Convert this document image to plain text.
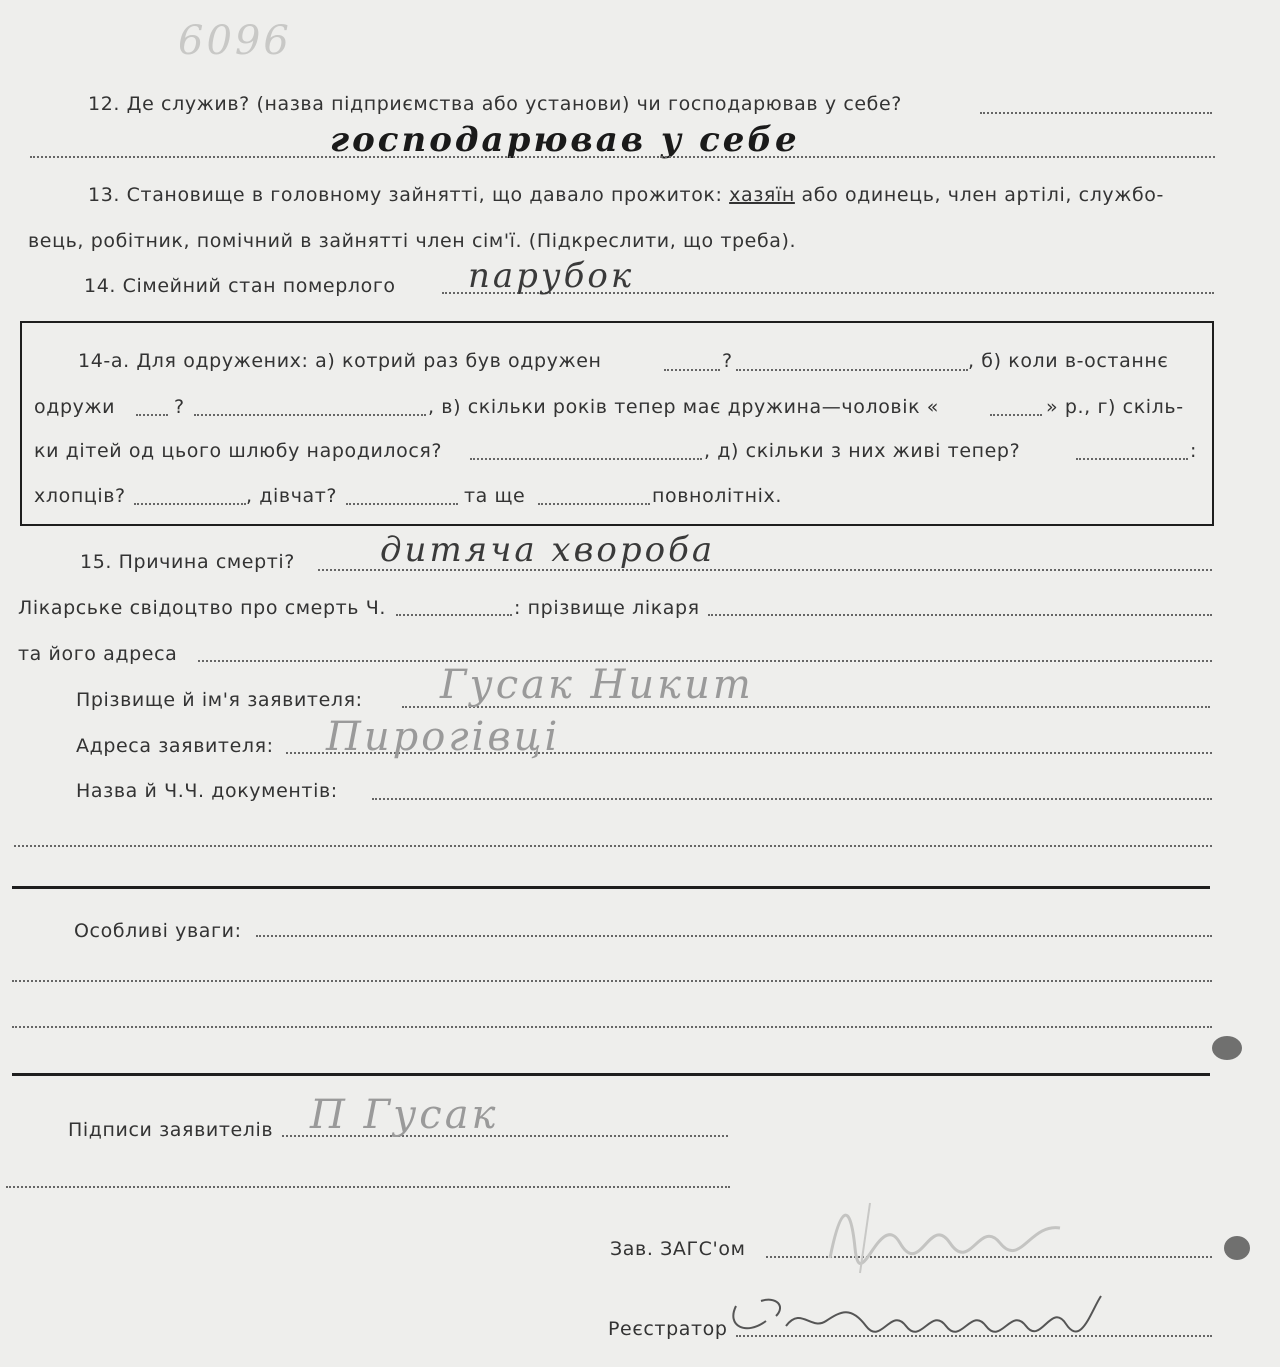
6096
12. Де служив? (назва підприємства або установи) чи господарював у себе?
господарював у себе
13. Становище в головному зайнятті, що давало прожиток: хазяїн або одинець, член артілі, службо-
вець, робітник, помічний в зайнятті член сім'ї. (Підкреслити, що треба).
14. Сімейний стан померлого парубок
14-а. Для одружених: а) котрий раз був одружен	?	, б) коли в-останнє
одружи	?	, в) скільки років тепер має дружина—чоловік «	» р., г) скіль-
ки дітей од цього шлюбу народилося?	, д) скільки з них живі тепер?	:
хлопців?	, дівчат?	та ще	повнолітніх.
15. Причина смерті?	дитяча хвороба
Лікарське свідоцтво про смерть Ч.	: прізвище лікаря
та його адреса
Прізвище й ім'я заявителя: Гусак Никит
Адреса заявителя: Пирогівці
Назва й Ч.Ч. документів:
Особливі уваги:
Підписи заявителів П Гусак
Зав. ЗАГС'ом
Реєстратор
